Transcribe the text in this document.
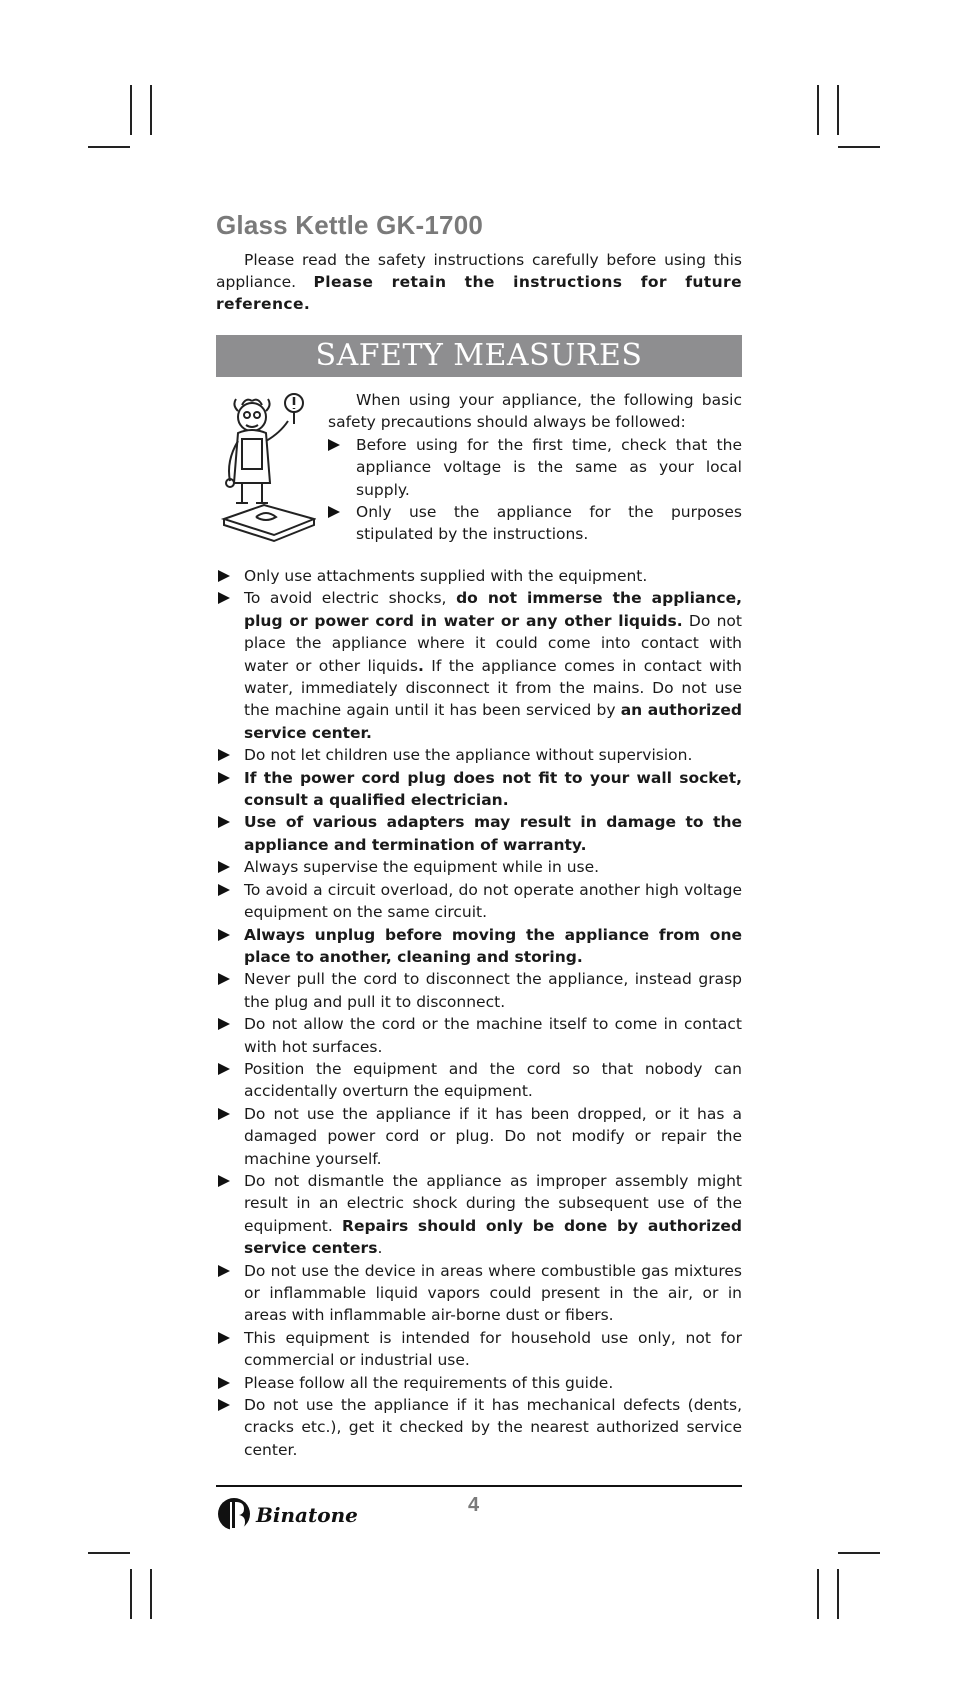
Glass Kettle GK-1700

Please read the safety instructions carefully before using this appliance. Please retain the instructions for future reference.

SAFETY MEASURES

When using your appliance, the following basic safety precautions should always be followed:

Before using for the first time, check that the appliance voltage is the same as your local supply.
Only use the appliance for the purposes stipulated by the instructions.
Only use attachments supplied with the equipment.
To avoid electric shocks, do not immerse the appliance, plug or power cord in water or any other liquids. Do not place the appliance where it could come into contact with water or other liquids. If the appliance comes in contact with water, immediately disconnect it from the mains. Do not use the machine again until it has been serviced by an authorized service center.
Do not let children use the appliance without supervision.
If the power cord plug does not fit to your wall socket, consult a qualified electrician.
Use of various adapters may result in damage to the appliance and termination of warranty.
Always supervise the equipment while in use.
To avoid a circuit overload, do not operate another high voltage equipment on the same circuit.
Always unplug before moving the appliance from one place to another, cleaning and storing.
Never pull the cord to disconnect the appliance, instead grasp the plug and pull it to disconnect.
Do not allow the cord or the machine itself to come in contact with hot surfaces.
Position the equipment and the cord so that nobody can accidentally overturn the equipment.
Do not use the appliance if it has been dropped, or it has a damaged power cord or plug. Do not modify or repair the machine yourself.
Do not dismantle the appliance as improper assembly might result in an electric shock during the subsequent use of the equipment. Repairs should only be done by authorized service centers.
Do not use the device in areas where combustible gas mixtures or inflammable liquid vapors could present in the air, or in areas with inflammable air-borne dust or fibers.
This equipment is intended for household use only, not for commercial or industrial use.
Please follow all the requirements of this guide.
Do not use the appliance if it has mechanical defects (dents, cracks etc.), get it checked by the nearest authorized service center.
Binatone	4
